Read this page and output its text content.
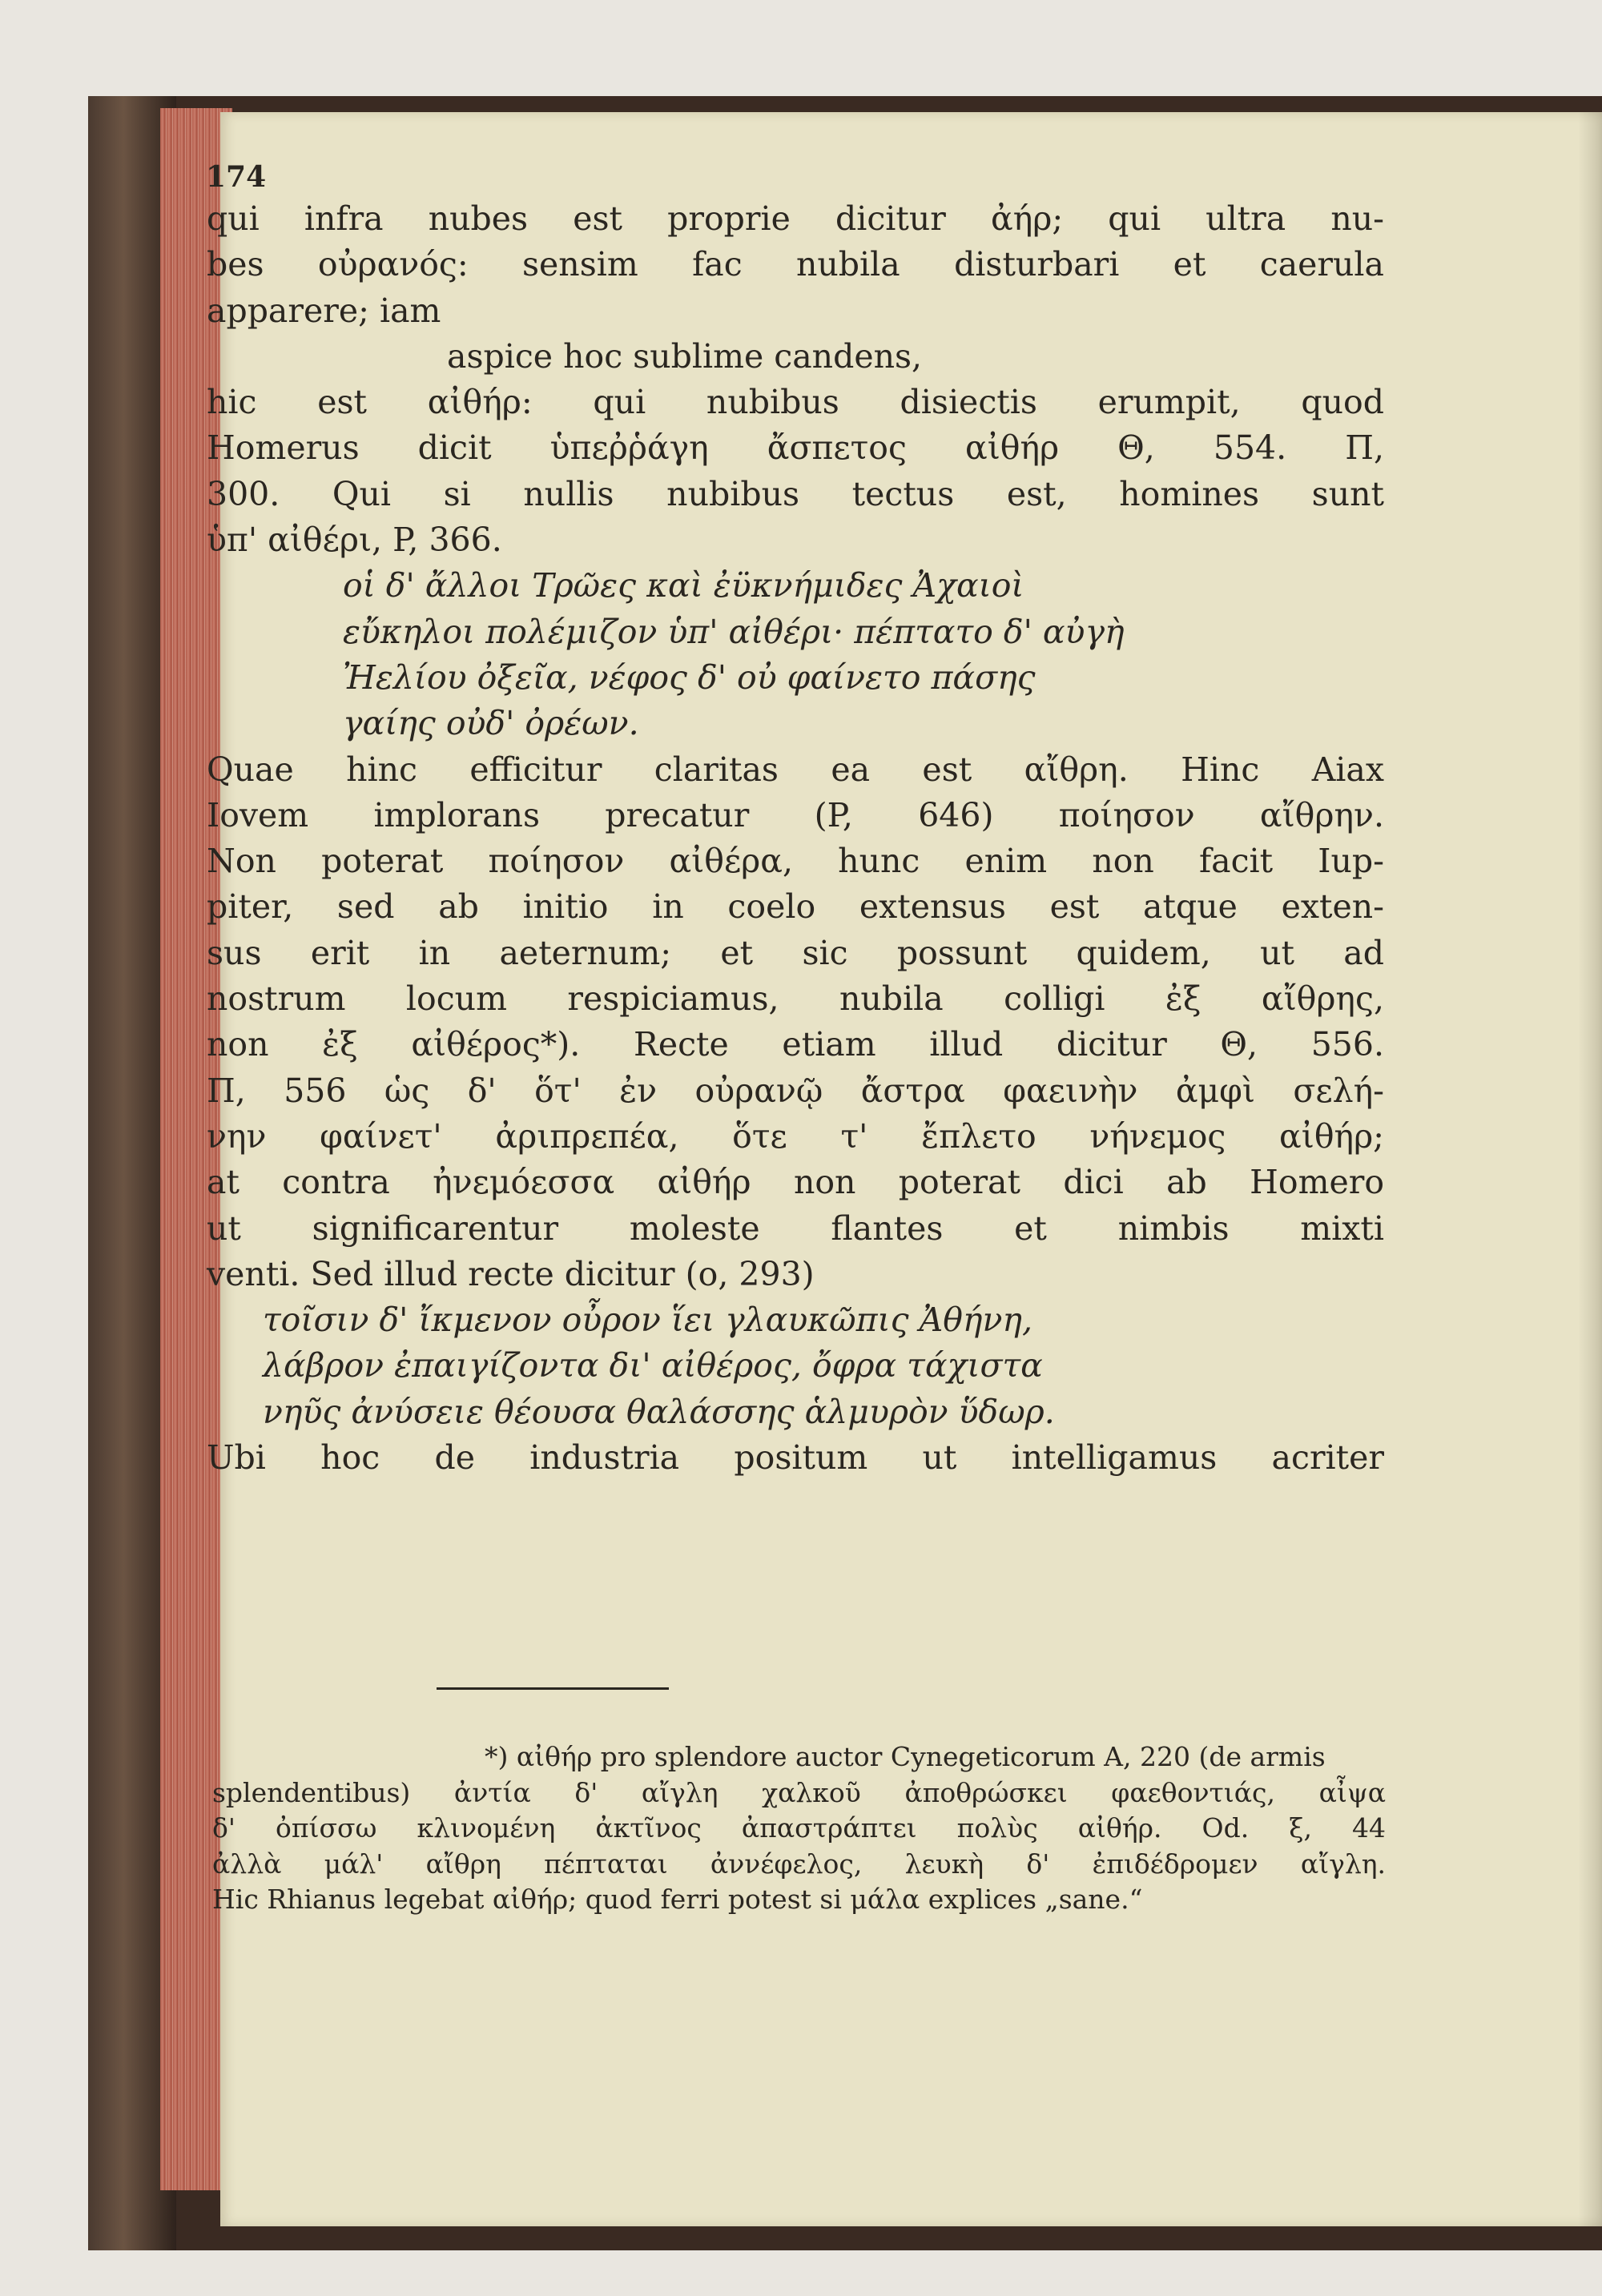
174
qui infra nubes est proprie dicitur ἀήρ; qui ultra nu-
bes οὐρανός: sensim fac nubila disturbari et caerula
apparere; iam
aspice hoc sublime candens,
hic est αἰθήρ: qui nubibus disiectis erumpit, quod
Homerus dicit ὑπεῤῥάγη ἄσπετος αἰθήρ Θ, 554. Π,
300. Qui si nullis nubibus tectus est, homines sunt
ὑπ' αἰθέρι, P, 366.
οἱ δ' ἄλλοι Τρῶες καὶ ἐϋκνήμιδες Ἀχαιοὶ
εὔκηλοι πολέμιζον ὑπ' αἰθέρι· πέπτατο δ' αὐγὴ
Ἠελίου ὀξεῖα, νέφος δ' οὐ φαίνετο πάσης
γαίης οὐδ' ὀρέων.
Quae hinc efficitur claritas ea est αἴθρη. Hinc Aiax
Iovem implorans precatur (P, 646) ποίησον αἴθρην.
Non poterat ποίησον αἰθέρα, hunc enim non facit Iup-
piter, sed ab initio in coelo extensus est atque exten-
sus erit in aeternum; et sic possunt quidem, ut ad
nostrum locum respiciamus, nubila colligi ἐξ αἴθρης,
non ἐξ αἰθέρος*). Recte etiam illud dicitur Θ, 556.
Π, 556 ὡς δ' ὅτ' ἐν οὐρανῷ ἄστρα φαεινὴν ἀμφὶ σελή-
νην φαίνετ' ἀριπρεπέα, ὅτε τ' ἔπλετο νήνεμος αἰθήρ;
at contra ἠνεμόεσσα αἰθήρ non poterat dici ab Homero
ut significarentur moleste flantes et nimbis mixti
venti. Sed illud recte dicitur (ο, 293)
τοῖσιν δ' ἴκμενον οὖρον ἵει γλαυκῶπις Ἀθήνη,
λάβρον ἐπαιγίζοντα δι' αἰθέρος, ὄφρα τάχιστα
νηῦς ἀνύσειε θέουσα θαλάσσης ἁλμυρὸν ὕδωρ.
Ubi hoc de industria positum ut intelligamus acriter
*) αἰθήρ pro splendore auctor Cynegeticorum A, 220 (de armis
splendentibus) ἀντία δ' αἴγλη χαλκοῦ ἀποθρώσκει φαεθοντιάς, αἶψα
δ' ὀπίσσω κλινομένη ἀκτῖνος ἀπαστράπτει πολὺς αἰθήρ. Od. ξ, 44
ἀλλὰ μάλ' αἴθρη πέπταται ἀννέφελος, λευκὴ δ' ἐπιδέδρομεν αἴγλη.
Hic Rhianus legebat αἰθήρ; quod ferri potest si μάλα explices „sane.“
